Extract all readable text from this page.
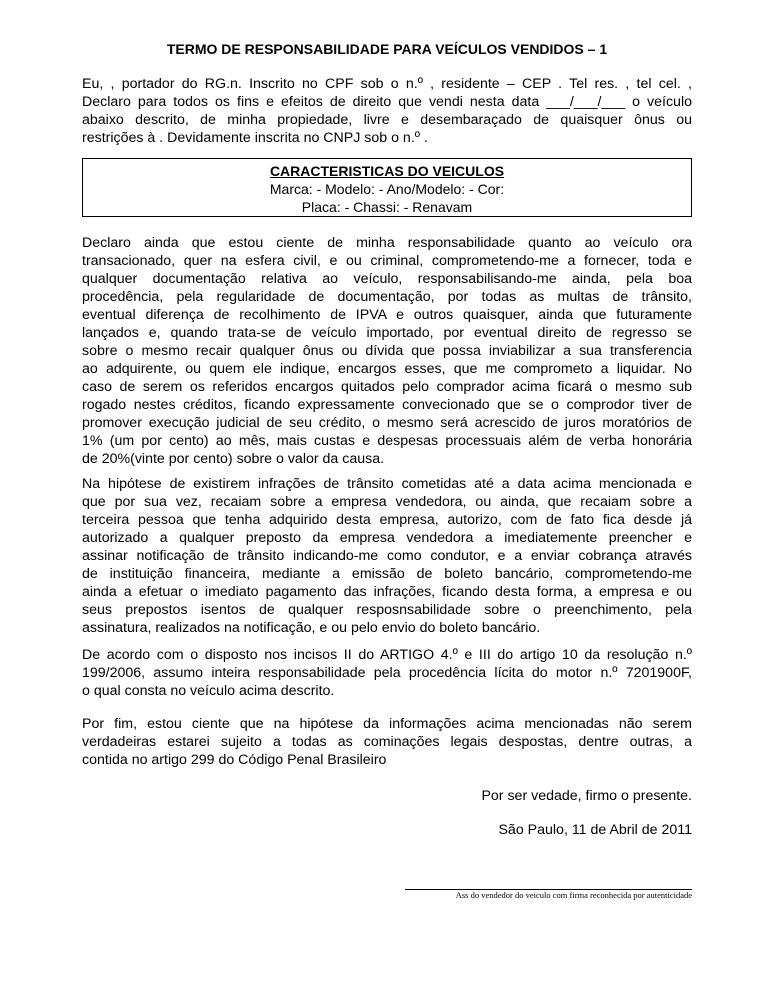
TERMO DE RESPONSABILIDADE PARA VEÍCULOS VENDIDOS – 1
Eu, , portador do RG.n. Inscrito no CPF sob o n.º , residente – CEP . Tel res. , tel cel. ,
Declaro para todos os fins e efeitos de direito que vendi nesta data ___/___/___ o veículo
abaixo descrito, de minha propiedade, livre e desembaraçado de quaisquer ônus ou
restrições à . Devidamente inscrita no CNPJ sob o n.º .
CARACTERISTICAS DO VEICULOS
Marca: - Modelo: - Ano/Modelo: - Cor:
Placa: - Chassi: - Renavam
Declaro ainda que estou ciente de minha responsabilidade quanto ao veículo ora
transacionado, quer na esfera civil, e ou criminal, comprometendo-me a fornecer, toda e
qualquer documentação relativa ao veículo, responsabilisando-me ainda, pela boa
procedência, pela regularidade de documentação, por todas as multas de trânsito,
eventual diferença de recolhimento de IPVA e outros quaisquer, ainda que futuramente
lançados e, quando trata-se de veículo importado, por eventual direito de regresso se
sobre o mesmo recair qualquer ônus ou dívida que possa inviabilizar a sua transferencia
ao adquirente, ou quem ele indique, encargos esses, que me comprometo a liquidar. No
caso de serem os referidos encargos quitados pelo comprador acima ficará o mesmo sub
rogado nestes créditos, ficando expressamente convecionado que se o comprodor tiver de
promover execução judicial de seu crédito, o mesmo será acrescido de juros moratórios de
1% (um por cento) ao mês, mais custas e despesas processuais além de verba honorária
de 20%(vinte por cento) sobre o valor da causa.
Na hipótese de existirem infrações de trânsito cometidas até a data acima mencionada e
que por sua vez, recaiam sobre a empresa vendedora, ou ainda, que recaiam sobre a
terceira pessoa que tenha adquirido desta empresa, autorizo, com de fato fica desde já
autorizado a qualquer preposto da empresa vendedora a imediatemente preencher e
assinar notificação de trânsito indicando-me como condutor, e a enviar cobrança através
de instituição financeira, mediante a emissão de boleto bancário, comprometendo-me
ainda a efetuar o imediato pagamento das infrações, ficando desta forma, a empresa e ou
seus prepostos isentos de qualquer resposnsabilidade sobre o preenchimento, pela
assinatura, realizados na notificação, e ou pelo envio do boleto bancário.
De acordo com o disposto nos incisos II do ARTIGO 4.º e III do artigo 10 da resolução n.º
199/2006, assumo inteira responsabilidade pela procedência lícita do motor n.º 7201900F,
o qual consta no veículo acima descrito.
Por fim, estou ciente que na hipótese da informações acima mencionadas não serem
verdadeiras estarei sujeito a todas as cominações legais despostas, dentre outras, a
contida no artigo 299 do Código Penal Brasileiro
Por ser vedade, firmo o presente.
São Paulo, 11 de Abril de 2011
____________________________________________________________
Ass do vendedor do veiculo com firma reconhecida por autenticidade
